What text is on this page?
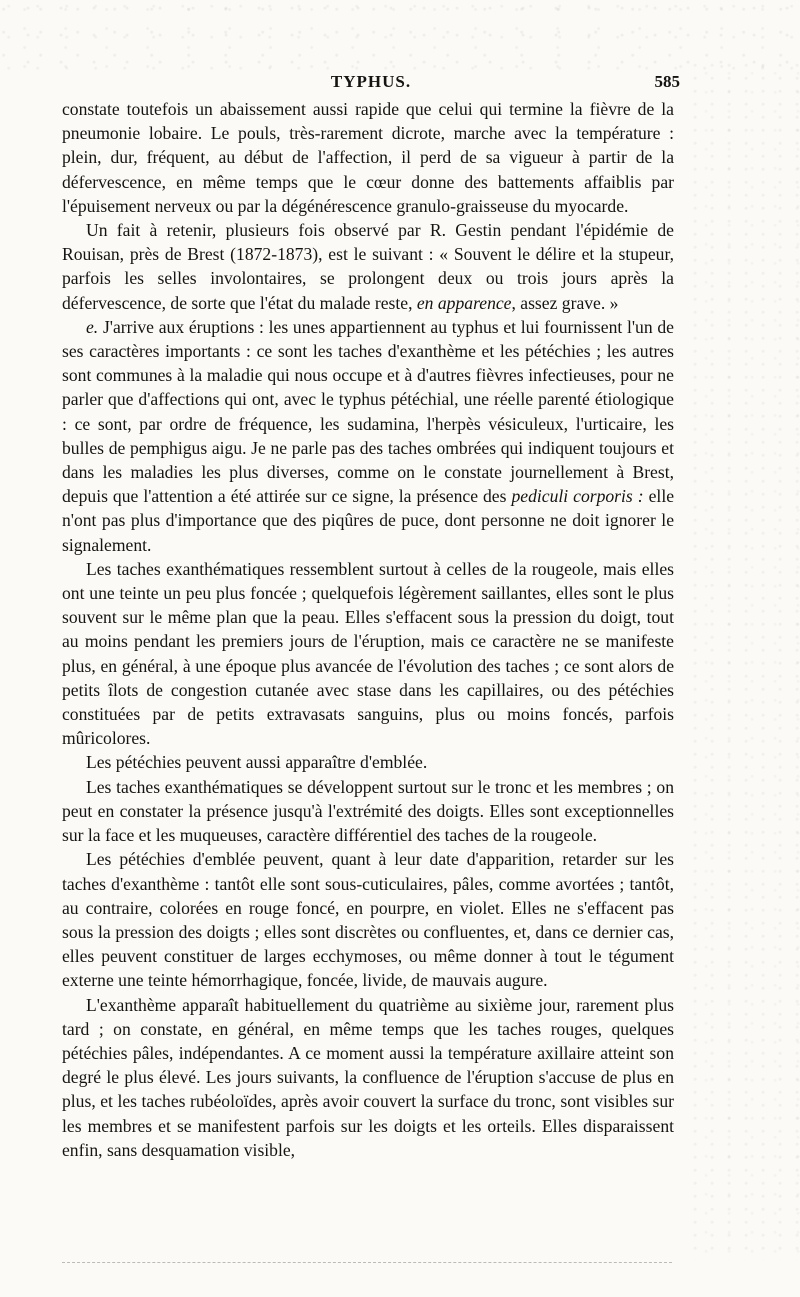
TYPHUS.	585

constate toutefois un abaissement aussi rapide que celui qui termine la fièvre de la pneumonie lobaire. Le pouls, très-rarement dicrote, marche avec la température : plein, dur, fréquent, au début de l'affection, il perd de sa vigueur à partir de la défervescence, en même temps que le cœur donne des battements affaiblis par l'épuisement nerveux ou par la dégénérescence granulo-graisseuse du myocarde.

Un fait à retenir, plusieurs fois observé par R. Gestin pendant l'épidémie de Rouisan, près de Brest (1872-1873), est le suivant : « Souvent le délire et la stupeur, parfois les selles involontaires, se prolongent deux ou trois jours après la défervescence, de sorte que l'état du malade reste, en apparence, assez grave. »

e. J'arrive aux éruptions : les unes appartiennent au typhus et lui fournissent l'un de ses caractères importants : ce sont les taches d'exanthème et les pétéchies ; les autres sont communes à la maladie qui nous occupe et à d'autres fièvres infectieuses, pour ne parler que d'affections qui ont, avec le typhus pétéchial, une réelle parenté étiologique : ce sont, par ordre de fréquence, les sudamina, l'herpès vésiculeux, l'urticaire, les bulles de pemphigus aigu. Je ne parle pas des taches ombrées qui indiquent toujours et dans les maladies les plus diverses, comme on le constate journellement à Brest, depuis que l'attention a été attirée sur ce signe, la présence des pediculi corporis : elle n'ont pas plus d'importance que des piqûres de puce, dont personne ne doit ignorer le signalement.

Les taches exanthématiques ressemblent surtout à celles de la rougeole, mais elles ont une teinte un peu plus foncée ; quelquefois légèrement saillantes, elles sont le plus souvent sur le même plan que la peau. Elles s'effacent sous la pression du doigt, tout au moins pendant les premiers jours de l'éruption, mais ce caractère ne se manifeste plus, en général, à une époque plus avancée de l'évolution des taches ; ce sont alors de petits îlots de congestion cutanée avec stase dans les capillaires, ou des pétéchies constituées par de petits extravasats sanguins, plus ou moins foncés, parfois mûricolores.

Les pétéchies peuvent aussi apparaître d'emblée.

Les taches exanthématiques se développent surtout sur le tronc et les membres ; on peut en constater la présence jusqu'à l'extrémité des doigts. Elles sont exceptionnelles sur la face et les muqueuses, caractère différentiel des taches de la rougeole.

Les pétéchies d'emblée peuvent, quant à leur date d'apparition, retarder sur les taches d'exanthème : tantôt elle sont sous-cuticulaires, pâles, comme avortées ; tantôt, au contraire, colorées en rouge foncé, en pourpre, en violet. Elles ne s'effacent pas sous la pression des doigts ; elles sont discrètes ou confluentes, et, dans ce dernier cas, elles peuvent constituer de larges ecchymoses, ou même donner à tout le tégument externe une teinte hémorrhagique, foncée, livide, de mauvais augure.

L'exanthème apparaît habituellement du quatrième au sixième jour, rarement plus tard ; on constate, en général, en même temps que les taches rouges, quelques pétéchies pâles, indépendantes. A ce moment aussi la température axillaire atteint son degré le plus élevé. Les jours suivants, la confluence de l'éruption s'accuse de plus en plus, et les taches rubéoloïdes, après avoir couvert la surface du tronc, sont visibles sur les membres et se manifestent parfois sur les doigts et les orteils. Elles disparaissent enfin, sans desquamation visible,
